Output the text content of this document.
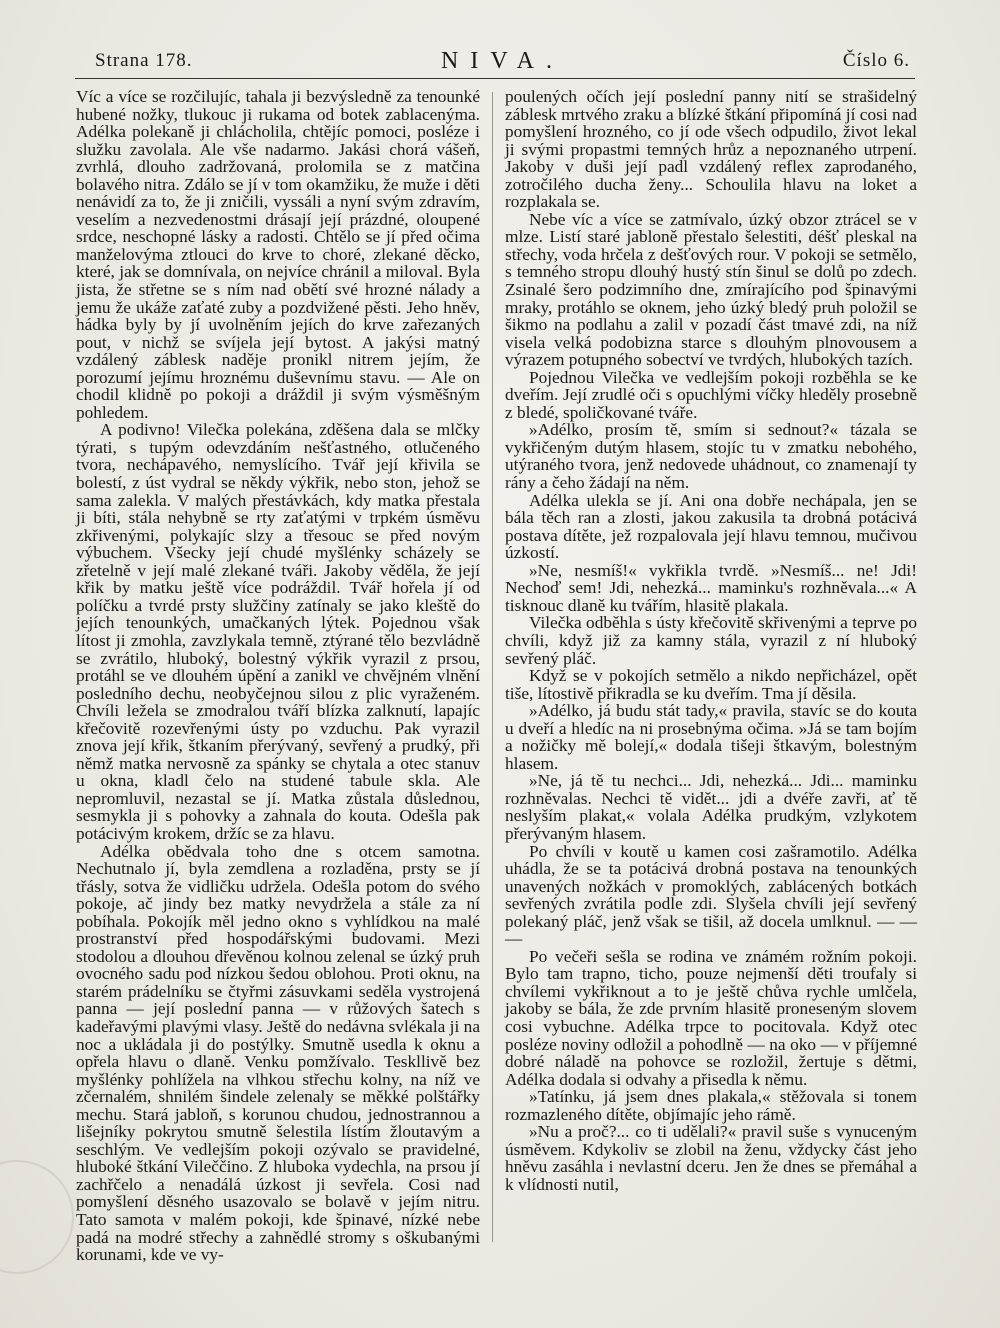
Strana 178.	NIVA.	Číslo 6.

Víc a více se rozčilujíc, tahala ji bezvýsledně za tenounké hubené nožky, tlukouc ji rukama od botek zablacenýma. Adélka polekaně ji chlácholila, chtějíc pomoci, posléze i služku zavolala. Ale vše nadarmo. Jakási chorá vášeň, zvrhlá, dlouho zadržovaná, prolomila se z matčina bolavého nitra. Zdálo se jí v tom okamžiku, že muže i děti nenávidí za to, že ji zničili, vyssáli a nyní svým zdravím, veselím a nezvedenostmi drásají její prázdné, oloupené srdce, neschopné lásky a radosti. Chtělo se jí před očima manželovýma ztlouci do krve to choré, zlekané děcko, které, jak se domnívala, on nejvíce chránil a miloval. Byla jista, že střetne se s ním nad obětí své hrozné nálady a jemu že ukáže zaťaté zuby a pozdvižené pěsti. Jeho hněv, hádka byly by jí uvolněním jejích do krve zařezaných pout, v nichž se svíjela její bytost. A jakýsi matný vzdálený záblesk naděje pronikl nitrem jejím, že porozumí jejímu hroznému duševnímu stavu. — Ale on chodil klidně po pokoji a dráždil ji svým výsměšným pohledem.

A podivno! Vilečka polekána, zděšena dala se mlčky týrati, s tupým odevzdáním nešťastného, otlučeného tvora, nechápavého, nemyslícího. Tvář její křivila se bolestí, z úst vydral se někdy výkřik, nebo ston, jehož se sama zalekla. V malých přestávkách, kdy matka přestala ji bíti, stála nehybně se rty zaťatými v trpkém úsměvu zkřivenými, polykajíc slzy a třesouc se před novým výbuchem. Všecky její chudé myšlénky scházely se zřetelně v její malé zlekané tváři. Jakoby věděla, že její křik by matku ještě více podráždil. Tvář hořela jí od políčku a tvrdé prsty služčiny zatínaly se jako kleště do jejích tenounkých, umačkaných lýtek. Pojednou však lítost ji zmohla, zavzlykala temně, ztýrané tělo bezvládně se zvrátilo, hluboký, bolestný výkřik vyrazil z prsou, protáhl se ve dlouhém úpění a zanikl ve chvějném vlnění posledního dechu, neobyčejnou silou z plic vyraženém. Chvíli ležela se zmodralou tváří blízka zalknutí, lapajíc křečovitě rozevřenými ústy po vzduchu. Pak vyrazil znova její křik, štkaním přerývaný, sevřený a prudký, při němž matka nervosně za spánky se chytala a otec stanuv u okna, kladl čelo na studené tabule skla. Ale nepromluvil, nezastal se jí. Matka zůstala důslednou, sesmykla ji s pohovky a zahnala do kouta. Odešla pak potácivým krokem, držíc se za hlavu.

Adélka obědvala toho dne s otcem samotna. Nechutnalo jí, byla zemdlena a rozladěna, prsty se jí třásly, sotva že vidličku udržela. Odešla potom do svého pokoje, ač jindy bez matky nevydržela a stále za ní pobíhala. Pokojík měl jedno okno s vyhlídkou na malé prostranství před hospodářskými budovami. Mezi stodolou a dlouhou dřevěnou kolnou zelenal se úzký pruh ovocného sadu pod nízkou šedou oblohou. Proti oknu, na starém prádelníku se čtyřmi zásuvkami seděla vystrojená panna — její poslední panna — v růžových šatech s kadeřavými plavými vlasy. Ještě do nedávna svlékala ji na noc a ukládala ji do postýlky. Smutně usedla k oknu a opřela hlavu o dlaně. Venku pomžívalo. Teskllivě bez myšlénky pohlížela na vlhkou střechu kolny, na níž ve zčernalém, shnilém šindele zelenaly se měkké polštářky mechu. Stará jabloň, s korunou chudou, jednostrannou a lišejníky pokrytou smutně šelestila lístím žloutavým a seschlým. Ve vedlejším pokoji ozývalo se pravidelné, hluboké štkání Vileččino. Z hluboka vydechla, na prsou jí zachřčelo a nenadálá úzkost ji sevřela. Cosi nad pomyšlení děsného usazovalo se bolavě v jejím nitru. Tato samota v malém pokoji, kde špinavé, nízké nebe padá na modré střechy a zahnědlé stromy s oškubanými korunami, kde ve vy-

poulených očích její poslední panny nití se strašidelný záblesk mrtvého zraku a blízké štkání připomíná jí cosi nad pomyšlení hrozného, co jí ode všech odpudilo, život lekal ji svými propastmi temných hrůz a nepoznaného utrpení. Jakoby v duši její padl vzdálený reflex zaprodaného, zotročilého ducha ženy... Schoulila hlavu na loket a rozplakala se.

Nebe víc a více se zatmívalo, úzký obzor ztrácel se v mlze. Listí staré jabloně přestalo šelestiti, déšť pleskal na střechy, voda hrčela z dešťových rour. V pokoji se setmělo, s temného stropu dlouhý hustý stín šinul se dolů po zdech. Zsinalé šero podzimního dne, zmírajícího pod špinavými mraky, protáhlo se oknem, jeho úzký bledý pruh položil se šikmo na podlahu a zalil v pozadí část tmavé zdi, na níž visela velká podobizna starce s dlouhým plnovousem a výrazem potupného sobectví ve tvrdých, hlubokých tazích.

Pojednou Vilečka ve vedlejším pokoji rozběhla se ke dveřím. Její zrudlé oči s opuchlými víčky hleděly prosebně z bledé, spoličkované tváře.

»Adélko, prosím tě, smím si sednout?« tázala se vykřičeným dutým hlasem, stojíc tu v zmatku nebohého, utýraného tvora, jenž nedovede uhádnout, co znamenají ty rány a čeho žádají na něm.

Adélka ulekla se jí. Ani ona dobře nechápala, jen se bála těch ran a zlosti, jakou zakusila ta drobná potácivá postava dítěte, jež rozpalovala její hlavu temnou, mučivou úzkostí.

»Ne, nesmíš!« vykřikla tvrdě. »Nesmíš... ne! Jdi! Nechoď sem! Jdi, nehezká... maminku's rozhněvala...« A tisknouc dlaně ku tvářím, hlasitě plakala.

Vilečka odběhla s ústy křečovitě skřivenými a teprve po chvíli, když již za kamny stála, vyrazil z ní hluboký sevřený pláč.

Když se v pokojích setmělo a nikdo nepřicházel, opět tiše, lítostivě přikradla se ku dveřím. Tma jí děsila.

»Adélko, já budu stát tady,« pravila, stavíc se do kouta u dveří a hledíc na ni prosebnýma očima. »Já se tam bojím a nožičky mě bolejí,« dodala tišeji štkavým, bolestným hlasem.

»Ne, já tě tu nechci... Jdi, nehezká... Jdi... maminku rozhněvalas. Nechci tě vidět... jdi a dvéře zavři, ať tě neslyším plakat,« volala Adélka prudkým, vzlykotem přerývaným hlasem.

Po chvíli v koutě u kamen cosi zašramotilo. Adélka uhádla, že se ta potácivá drobná postava na tenounkých unavených nožkách v promoklých, zablácených botkách sevřených zvrátila podle zdi. Slyšela chvíli její sevřený polekaný pláč, jenž však se tišil, až docela umlknul. — — —

Po večeři sešla se rodina ve známém rožním pokoji. Bylo tam trapno, ticho, pouze nejmenší děti troufaly si chvílemi vykřiknout a to je ještě chůva rychle umlčela, jakoby se bála, že zde prvním hlasitě proneseným slovem cosi vybuchne. Adélka trpce to pocitovala. Když otec posléze noviny odložil a pohodlně — na oko — v příjemné dobré náladě na pohovce se rozložil, žertuje s dětmi, Adélka dodala si odvahy a přisedla k němu.

»Tatínku, já jsem dnes plakala,« stěžovala si tonem rozmazleného dítěte, objímajíc jeho rámě.

»Nu a proč?... co ti udělali?« pravil suše s vynuceným úsměvem. Kdykoliv se zlobil na ženu, vždycky část jeho hněvu zasáhla i nevlastní dceru. Jen že dnes se přemáhal a k vlídnosti nutil,
